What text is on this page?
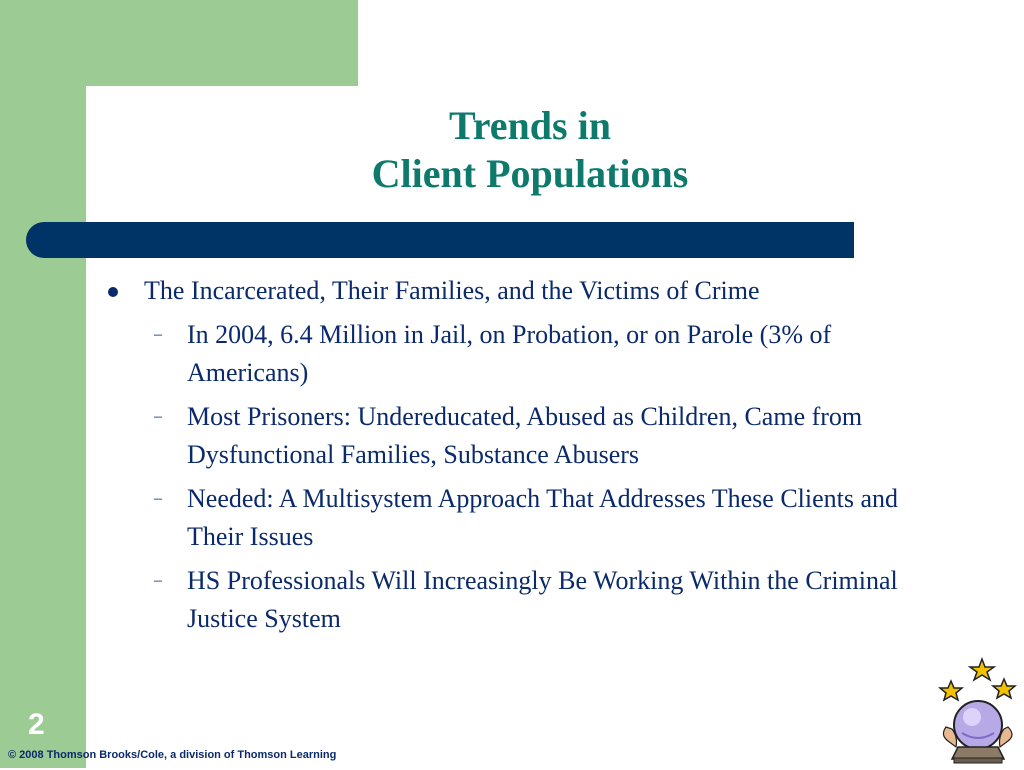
Trends in
Client Populations
The Incarcerated, Their Families, and the Victims of Crime
– In 2004, 6.4 Million in Jail, on Probation, or on Parole (3% of Americans)
– Most Prisoners: Undereducated, Abused as Children, Came from Dysfunctional Families, Substance Abusers
– Needed: A Multisystem Approach That Addresses These Clients and Their Issues
– HS Professionals Will Increasingly Be Working Within the Criminal Justice System
2
© 2008 Thomson Brooks/Cole, a division of Thomson Learning
